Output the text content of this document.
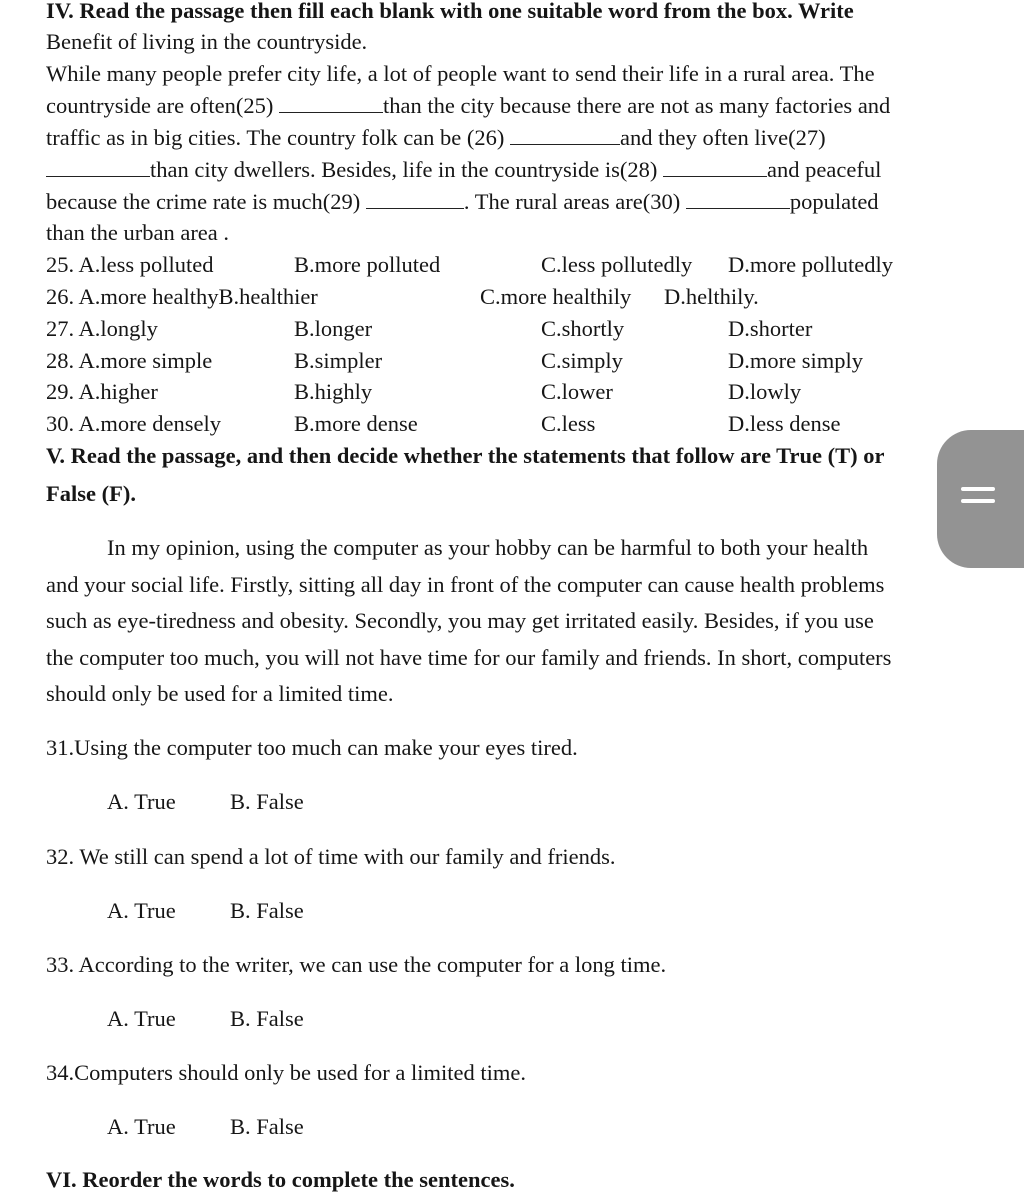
IV. Read the passage then fill each blank with one suitable word from the box. Write
Benefit of living in the countryside.
While many people prefer city life, a lot of people want to send their life in a rural area. The
countryside are often(25)	than the city because there are not as many factories and
traffic as in big cities. The country folk can be (26)	and they often live(27)
than city dwellers. Besides, life in the countryside is(28)	and peaceful
because the crime rate is much(29)	. The rural areas are(30)	populated
than the urban area .
25. A.less polluted	B.more polluted	C.less pollutedly D.more pollutedly
26. A.more healthyB.healthier	C.more healthily D.helthily.
27. A.longly	B.longer	C.shortly	D.shorter
28. A.more simple	B.simpler	C.simply	D.more simply
29. A.higher	B.highly	C.lower	D.lowly
30. A.more densely	B.more dense	C.less	D.less dense
V. Read the passage, and then decide whether the statements that follow are True (T) or
False (F).
In my opinion, using the computer as your hobby can be harmful to both your health
and your social life. Firstly, sitting all day in front of the computer can cause health problems
such as eye-tiredness and obesity. Secondly, you may get irritated easily. Besides, if you use
the computer too much, you will not have time for our family and friends. In short, computers
should only be used for a limited time.
31.Using the computer too much can make your eyes tired.
A. True B. False
32. We still can spend a lot of time with our family and friends.
A. True B. False
33. According to the writer, we can use the computer for a long time.
A. True B. False
34.Computers should only be used for a limited time.
A. True B. False
VI. Reorder the words to complete the sentences.
